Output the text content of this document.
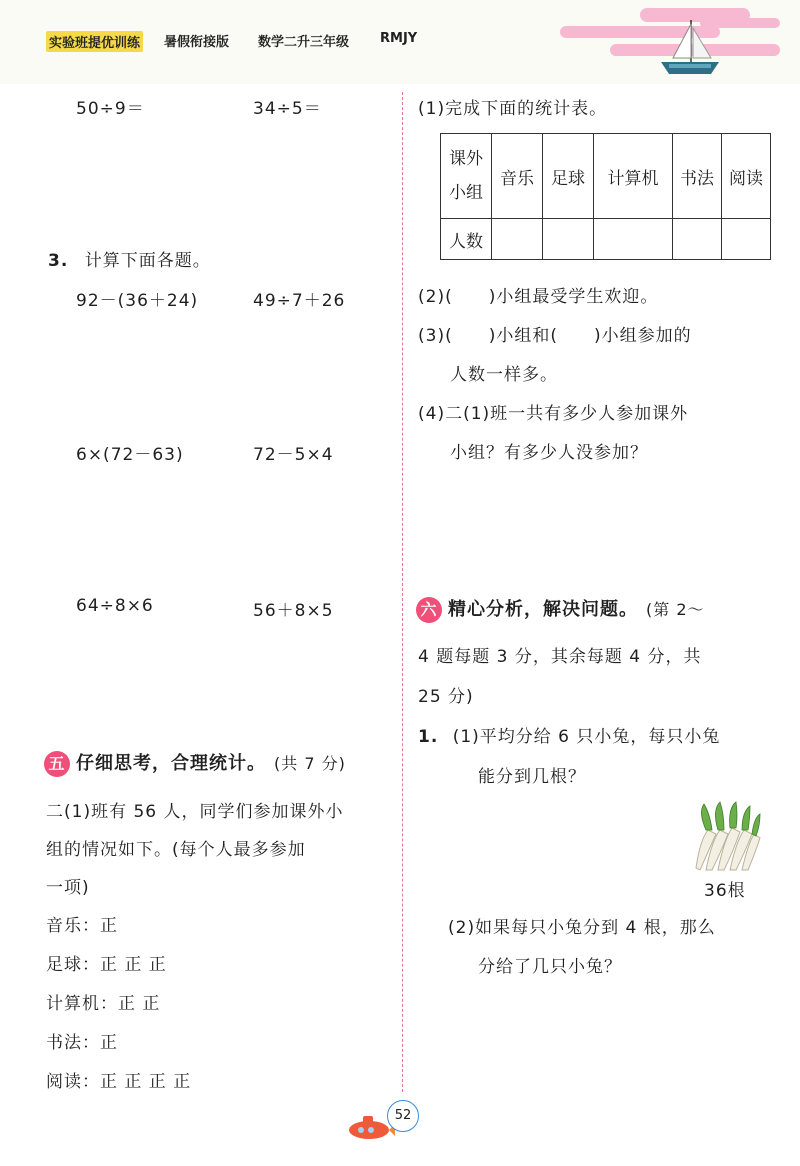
实验班提优训练 暑假衔接版 数学二升三年级 RMJY
50÷9＝	34÷5＝
3. 计算下面各题。
92－(36＋24)	49÷7＋26
6×(72－63)	72－5×4
64÷8×6	56＋8×5
五 仔细思考，合理统计。 (共 7 分)
二(1)班有 56 人，同学们参加课外小
组的情况如下。(每个人最多参加
一项)
音乐：正
足球：正 正 正
计算机：正 正
书法：正
阅读：正 正 正 正
(1)完成下面的统计表。
课外
小组	音乐	足球	计算机	书法	阅读
人数					
(2)(　　)小组最受学生欢迎。
(3)(　　)小组和(　　)小组参加的
人数一样多。
(4)二(1)班一共有多少人参加课外
小组？有多少人没参加？
六 精心分析，解决问题。 (第 2～
4 题每题 3 分，其余每题 4 分，共
25 分)
1. (1)平均分给 6 只小兔，每只小兔
能分到几根？
36根
(2)如果每只小兔分到 4 根，那么
分给了几只小兔？
52
